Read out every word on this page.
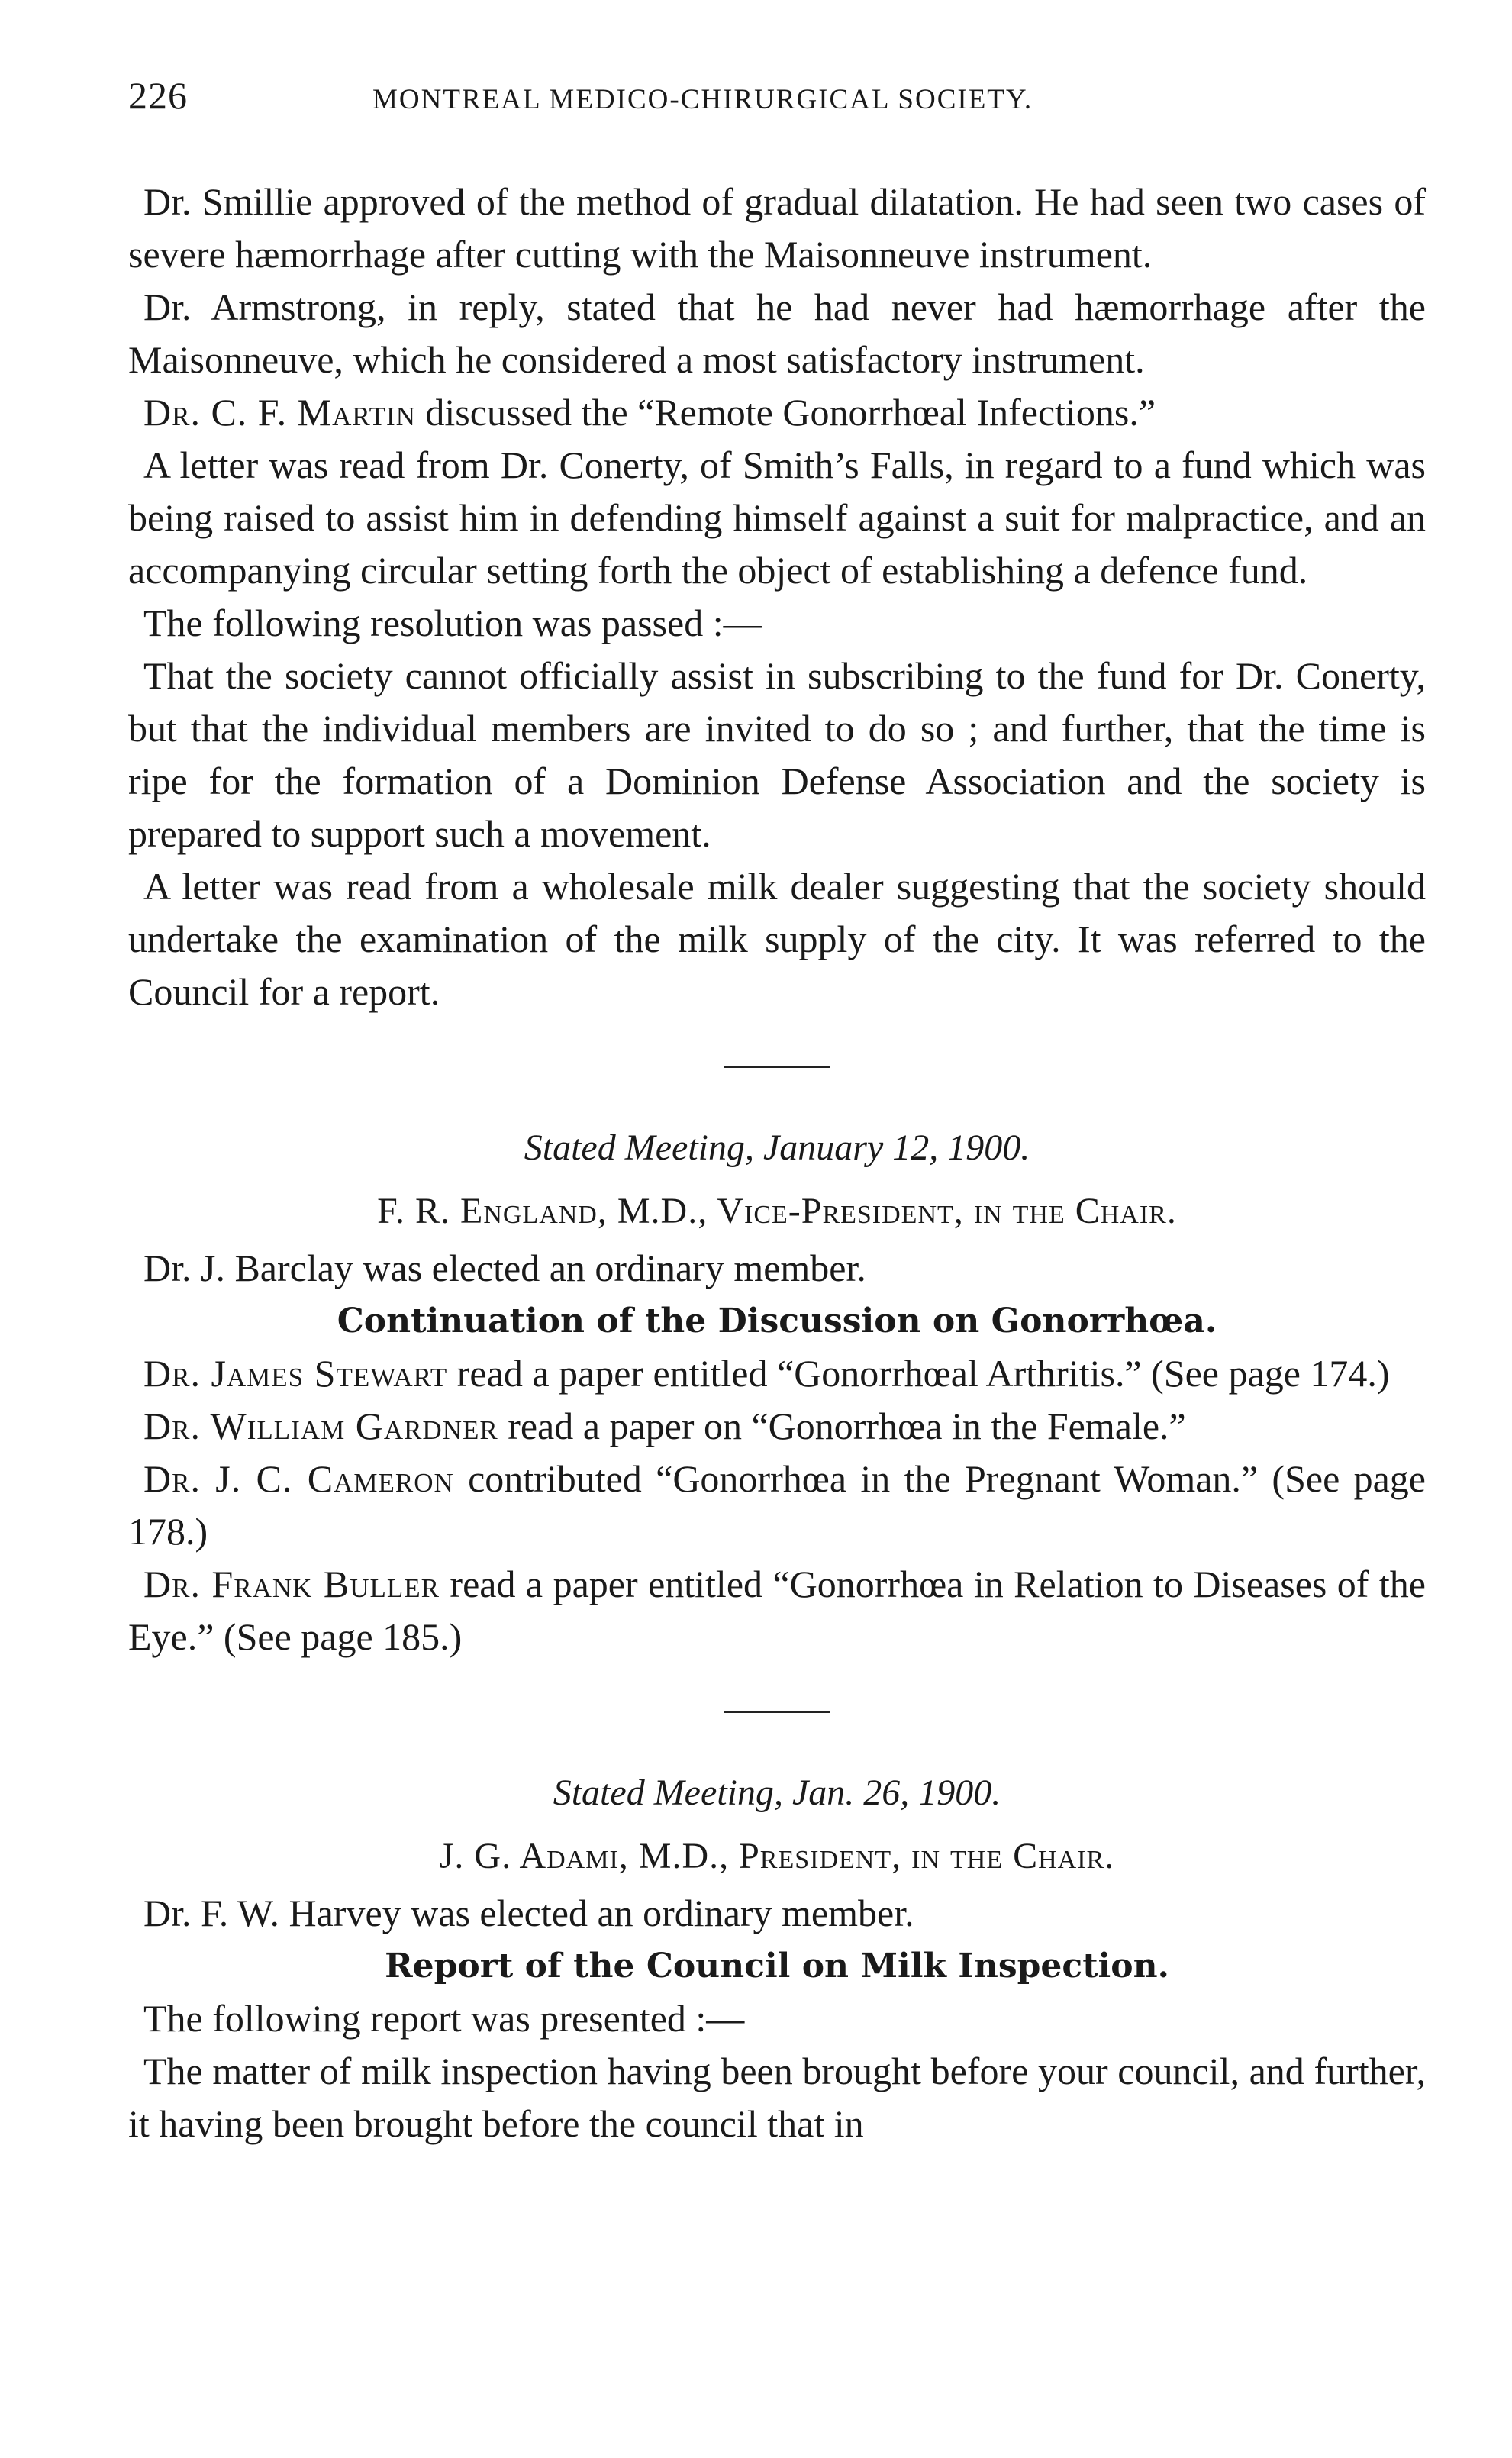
226	MONTREAL MEDICO-CHIRURGICAL SOCIETY.

Dr. Smillie approved of the method of gradual dilatation. He had seen two cases of severe hæmorrhage after cutting with the Maisonneuve instrument.

Dr. Armstrong, in reply, stated that he had never had hæmorrhage after the Maisonneuve, which he considered a most satisfactory instrument.

Dr. C. F. Martin discussed the “Remote Gonorrhœal Infections.”

A letter was read from Dr. Conerty, of Smith’s Falls, in regard to a fund which was being raised to assist him in defending himself against a suit for malpractice, and an accompanying circular setting forth the object of establishing a defence fund.

The following resolution was passed :—

That the society cannot officially assist in subscribing to the fund for Dr. Conerty, but that the individual members are invited to do so ; and further, that the time is ripe for the formation of a Dominion Defense Association and the society is prepared to support such a movement.

A letter was read from a wholesale milk dealer suggesting that the society should undertake the examination of the milk supply of the city. It was referred to the Council for a report.

Stated Meeting, January 12, 1900.

F. R. England, M.D., Vice-President, in the Chair.

Dr. J. Barclay was elected an ordinary member.

Continuation of the Discussion on Gonorrhœa.

Dr. James Stewart read a paper entitled “Gonorrhœal Arthritis.” (See page 174.)

Dr. William Gardner read a paper on “Gonorrhœa in the Female.”

Dr. J. C. Cameron contributed “Gonorrhœa in the Pregnant Woman.” (See page 178.)

Dr. Frank Buller read a paper entitled “Gonorrhœa in Relation to Diseases of the Eye.” (See page 185.)

Stated Meeting, Jan. 26, 1900.

J. G. Adami, M.D., President, in the Chair.

Dr. F. W. Harvey was elected an ordinary member.

Report of the Council on Milk Inspection.

The following report was presented :—

The matter of milk inspection having been brought before your council, and further, it having been brought before the council that in
